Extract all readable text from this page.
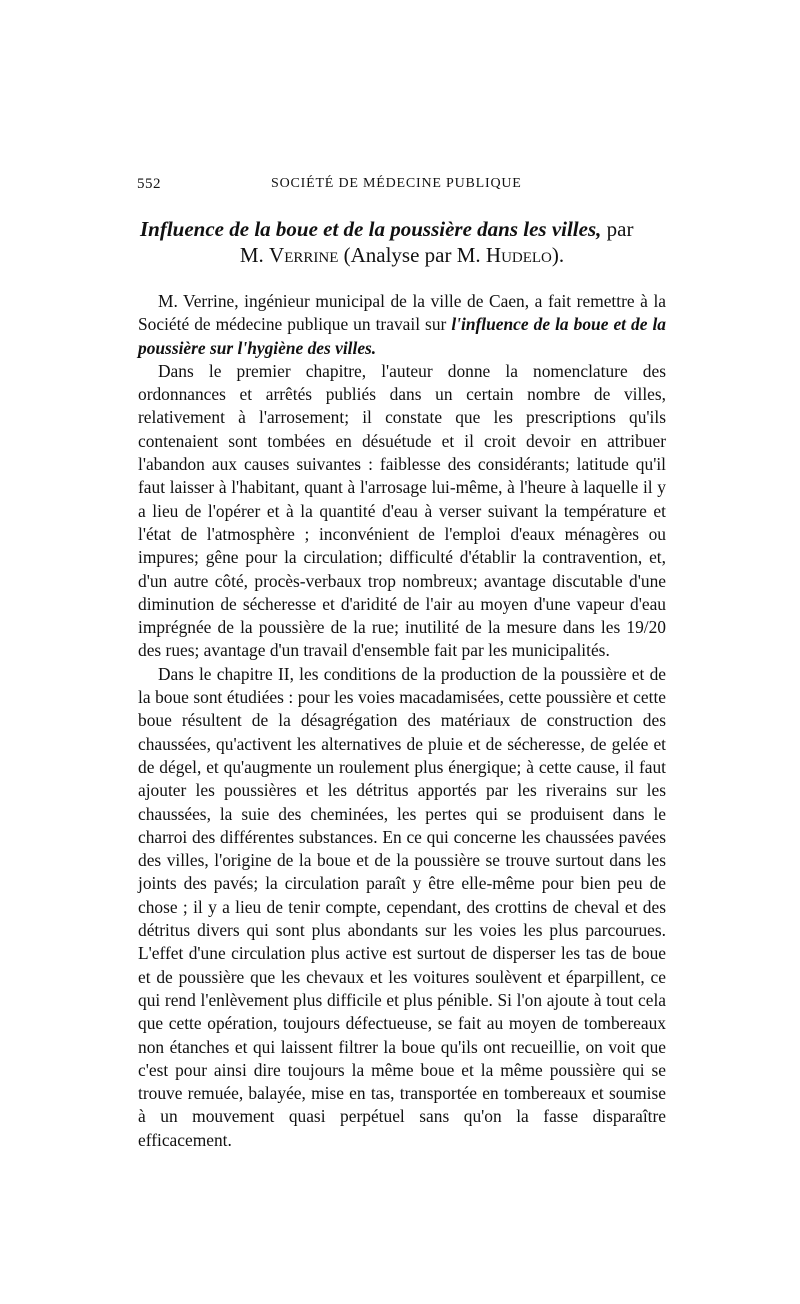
552	SOCIÉTÉ DE MÉDECINE PUBLIQUE
Influence de la boue et de la poussière dans les villes, par
M. Verrine (Analyse par M. Hudelo).

M. Verrine, ingénieur municipal de la ville de Caen, a fait remettre à la Société de médecine publique un travail sur l'influence de la boue et de la poussière sur l'hygiène des villes.

Dans le premier chapitre, l'auteur donne la nomenclature des ordonnances et arrêtés publiés dans un certain nombre de villes, relativement à l'arrosement; il constate que les prescriptions qu'ils contenaient sont tombées en désuétude et il croit devoir en attribuer l'abandon aux causes suivantes : faiblesse des considérants; latitude qu'il faut laisser à l'habitant, quant à l'arrosage lui-même, à l'heure à laquelle il y a lieu de l'opérer et à la quantité d'eau à verser suivant la température et l'état de l'atmosphère ; inconvénient de l'emploi d'eaux ménagères ou impures; gêne pour la circulation; difficulté d'établir la contravention, et, d'un autre côté, procès-verbaux trop nombreux; avantage discutable d'une diminution de sécheresse et d'aridité de l'air au moyen d'une vapeur d'eau imprégnée de la poussière de la rue; inutilité de la mesure dans les 19/20 des rues; avantage d'un travail d'ensemble fait par les municipalités.

Dans le chapitre II, les conditions de la production de la poussière et de la boue sont étudiées : pour les voies macadamisées, cette poussière et cette boue résultent de la désagrégation des matériaux de construction des chaussées, qu'activent les alternatives de pluie et de sécheresse, de gelée et de dégel, et qu'augmente un roulement plus énergique; à cette cause, il faut ajouter les poussières et les détritus apportés par les riverains sur les chaussées, la suie des cheminées, les pertes qui se produisent dans le charroi des différentes substances. En ce qui concerne les chaussées pavées des villes, l'origine de la boue et de la poussière se trouve surtout dans les joints des pavés; la circulation paraît y être elle-même pour bien peu de chose ; il y a lieu de tenir compte, cependant, des crottins de cheval et des détritus divers qui sont plus abondants sur les voies les plus parcourues. L'effet d'une circulation plus active est surtout de disperser les tas de boue et de poussière que les chevaux et les voitures soulèvent et éparpillent, ce qui rend l'enlèvement plus difficile et plus pénible. Si l'on ajoute à tout cela que cette opération, toujours défectueuse, se fait au moyen de tombereaux non étanches et qui laissent filtrer la boue qu'ils ont recueillie, on voit que c'est pour ainsi dire toujours la même boue et la même poussière qui se trouve remuée, balayée, mise en tas, transportée en tombereaux et soumise à un mouvement quasi perpétuel sans qu'on la fasse disparaître efficacement.
